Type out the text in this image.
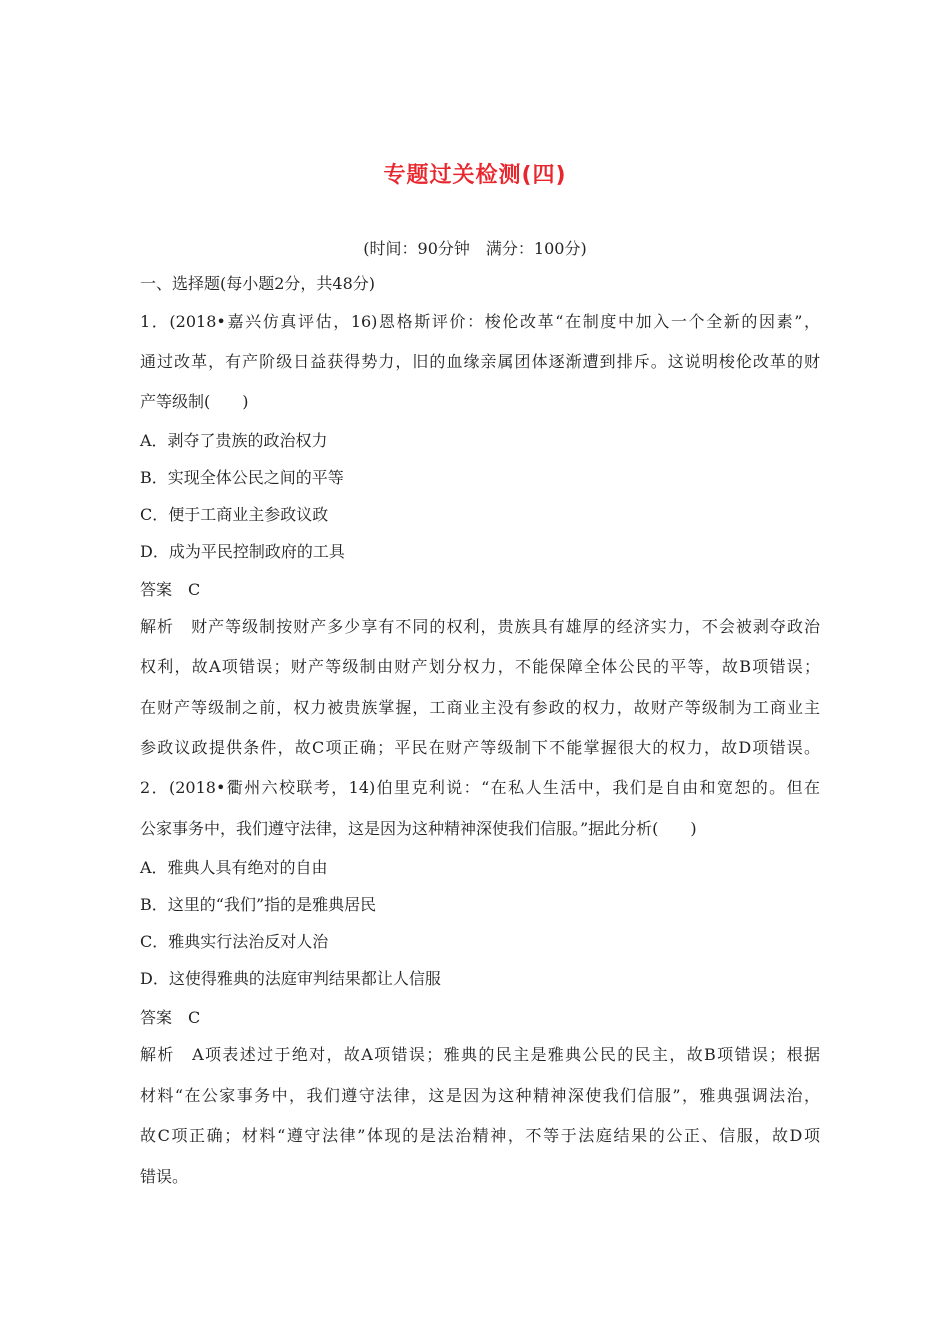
专题过关检测(四)
(时间：90分钟　满分：100分)
一、选择题(每小题2分，共48分)
1．(2018•嘉兴仿真评估，16)恩格斯评价：梭伦改革“在制度中加入一个全新的因素”，
通过改革，有产阶级日益获得势力，旧的血缘亲属团体逐渐遭到排斥。这说明梭伦改革的财
产等级制(　　)
A．剥夺了贵族的政治权力
B．实现全体公民之间的平等
C．便于工商业主参政议政
D．成为平民控制政府的工具
答案　C
解析　财产等级制按财产多少享有不同的权利，贵族具有雄厚的经济实力，不会被剥夺政治
权利，故A项错误；财产等级制由财产划分权力，不能保障全体公民的平等，故B项错误；
在财产等级制之前，权力被贵族掌握，工商业主没有参政的权力，故财产等级制为工商业主
参政议政提供条件，故C项正确；平民在财产等级制下不能掌握很大的权力，故D项错误。
2．(2018•衢州六校联考，14)伯里克利说：“在私人生活中，我们是自由和宽恕的。但在
公家事务中，我们遵守法律，这是因为这种精神深使我们信服。”据此分析(　　)
A．雅典人具有绝对的自由
B．这里的“我们”指的是雅典居民
C．雅典实行法治反对人治
D．这使得雅典的法庭审判结果都让人信服
答案　C
解析　A项表述过于绝对，故A项错误；雅典的民主是雅典公民的民主，故B项错误；根据
材料“在公家事务中，我们遵守法律，这是因为这种精神深使我们信服”，雅典强调法治，
故C项正确；材料“遵守法律”体现的是法治精神，不等于法庭结果的公正、信服，故D项
错误。
